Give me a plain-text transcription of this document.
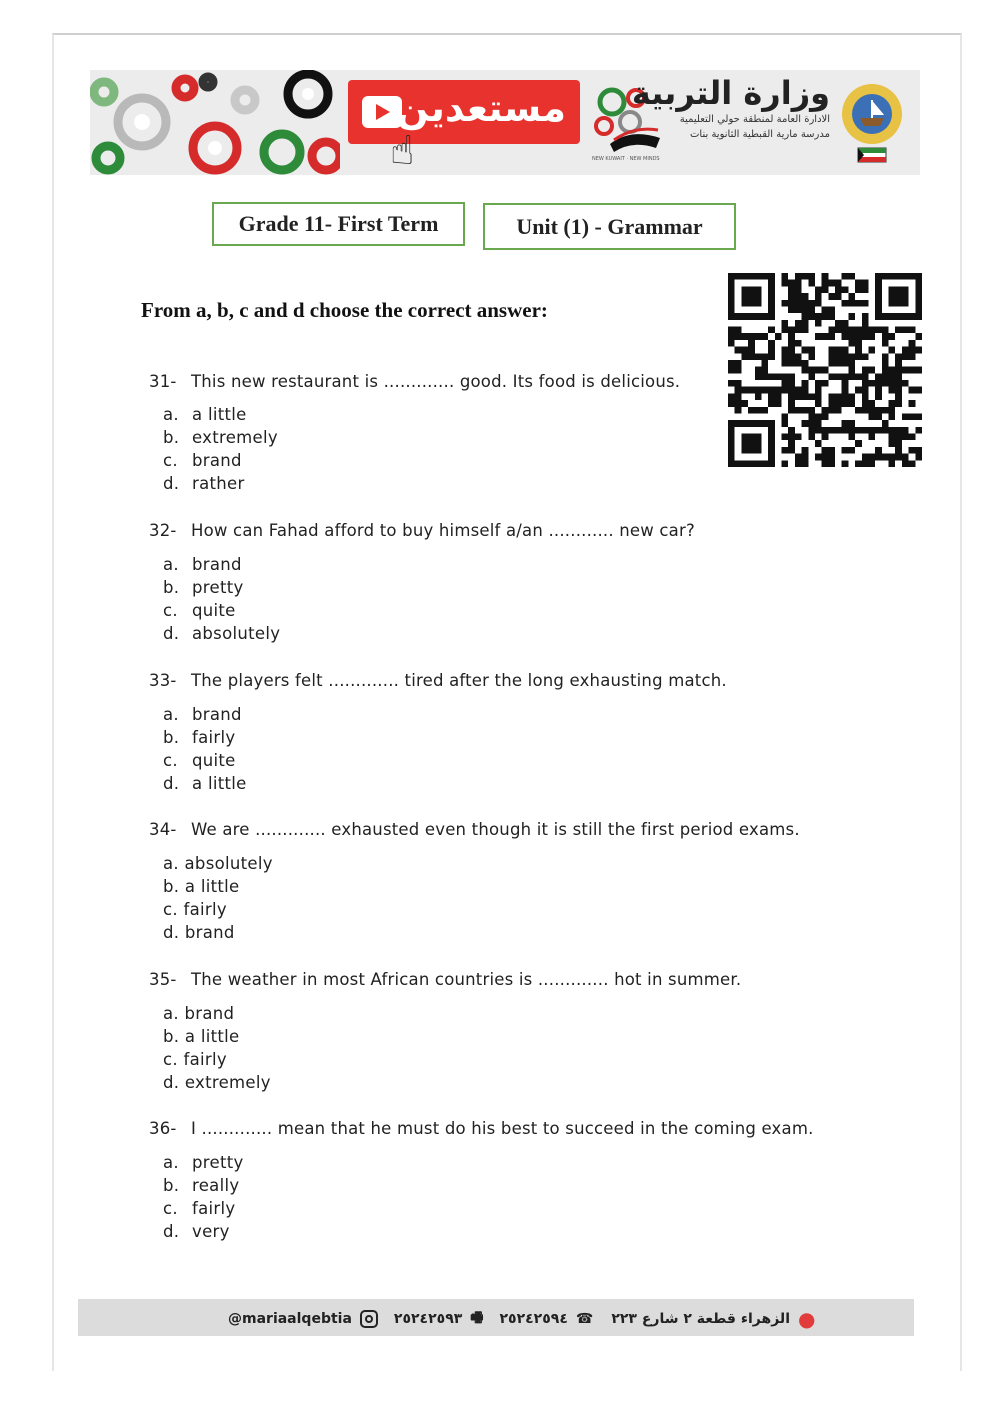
مستعدين
☝	NEW KUWAIT · NEW MINDS
وزارة التربية
الادارة العامة لمنطقة حولي التعليمية
مدرسة مارية القبطية الثانوية بنات
Grade 11- First Term	Unit (1) - Grammar
From a, b, c and d choose the correct answer:
31- This new restaurant is ............. good. Its food is delicious.
a. a little
b. extremely
c. brand
d. rather
32- How can Fahad afford to buy himself a/an ............ new car?
a. brand
b. pretty
c. quite
d. absolutely
33- The players felt ............. tired after the long exhausting match.
a. brand
b. fairly
c. quite
d. a little
34- We are ............. exhausted even though it is still the first period exams.
a. absolutely
b. a little
c. fairly
d. brand
35- The weather in most African countries is ............. hot in summer.
a. brand
b. a little
c. fairly
d. extremely
36- I ............. mean that he must do his best to succeed in the coming exam.
a. pretty
b. really
c. fairly
d. very
@mariaalqebtia	٢٥٢٤٢٥٩٣ 🖷 ٢٥٢٤٢٥٩٤ ☎ الزهراء قطعة ٢ شارع ٢٢٣ ●
